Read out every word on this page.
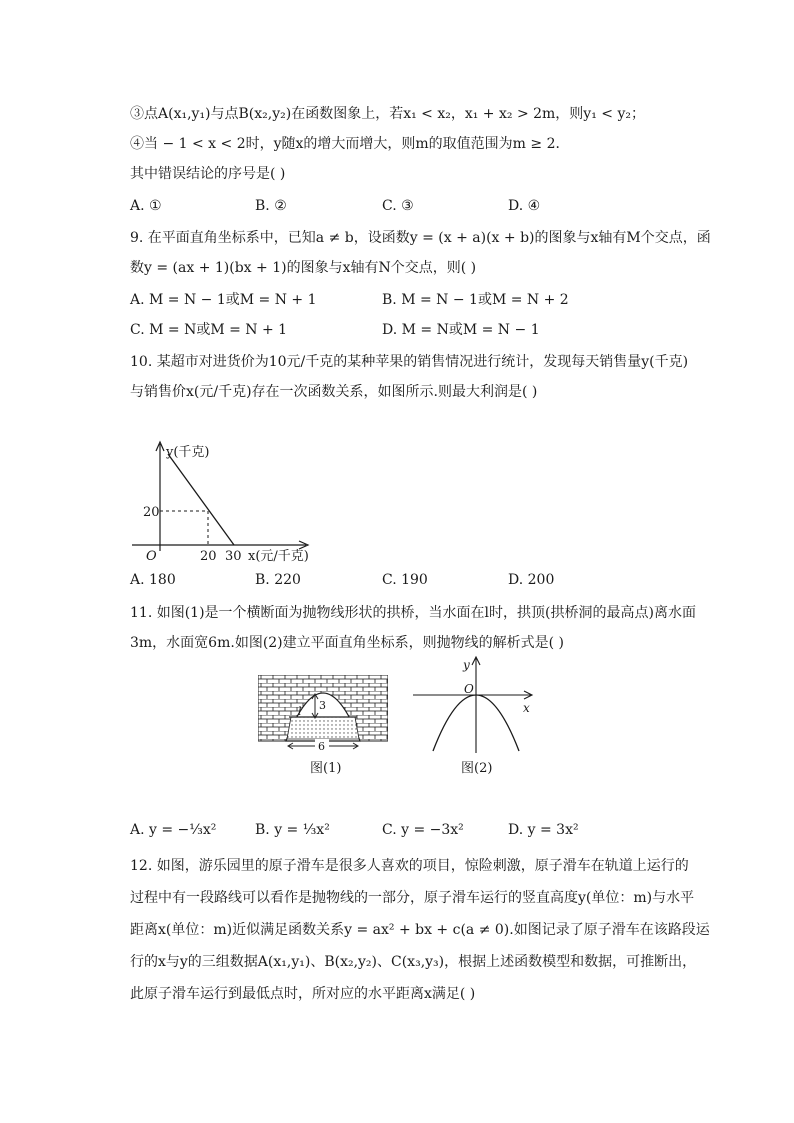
③点A(x₁,y₁)与点B(x₂,y₂)在函数图象上，若x₁ < x₂，x₁ + x₂ > 2m，则y₁ < y₂；
④当 − 1 < x < 2时，y随x的增大而增大，则m的取值范围为m ≥ 2．
其中错误结论的序号是( )
A. ①	B. ②	C. ③	D. ④
9. 在平面直角坐标系中，已知a ≠ b，设函数y = (x + a)(x + b)的图象与x轴有M个交点，函
数y = (ax + 1)(bx + 1)的图象与x轴有N个交点，则( )
A. M = N − 1或M = N + 1	B. M = N − 1或M = N + 2
C. M = N或M = N + 1	D. M = N或M = N − 1
10. 某超市对进货价为10元/千克的某种苹果的销售情况进行统计，发现每天销售量y(千克)
与销售价x(元/千克)存在一次函数关系，如图所示.则最大利润是( )
y(千克)
20
O	20 30 x(元/千克)
A. 180	B. 220	C. 190	D. 200
11. 如图(1)是一个横断面为抛物线形状的拱桥，当水面在l时，拱顶(拱桥洞的最高点)离水面
3m，水面宽6m.如图(2)建立平面直角坐标系，则抛物线的解析式是( )
3
l
6
图(1)
y
x
O
图(2)
A. y = −⅓x²	B. y = ⅓x²	C. y = −3x²	D. y = 3x²
12. 如图，游乐园里的原子滑车是很多人喜欢的项目，惊险刺激，原子滑车在轨道上运行的
过程中有一段路线可以看作是抛物线的一部分，原子滑车运行的竖直高度y(单位：m)与水平
距离x(单位：m)近似满足函数关系y = ax² + bx + c(a ≠ 0).如图记录了原子滑车在该路段运
行的x与y的三组数据A(x₁,y₁)、B(x₂,y₂)、C(x₃,y₃)，根据上述函数模型和数据，可推断出，
此原子滑车运行到最低点时，所对应的水平距离x满足( )
